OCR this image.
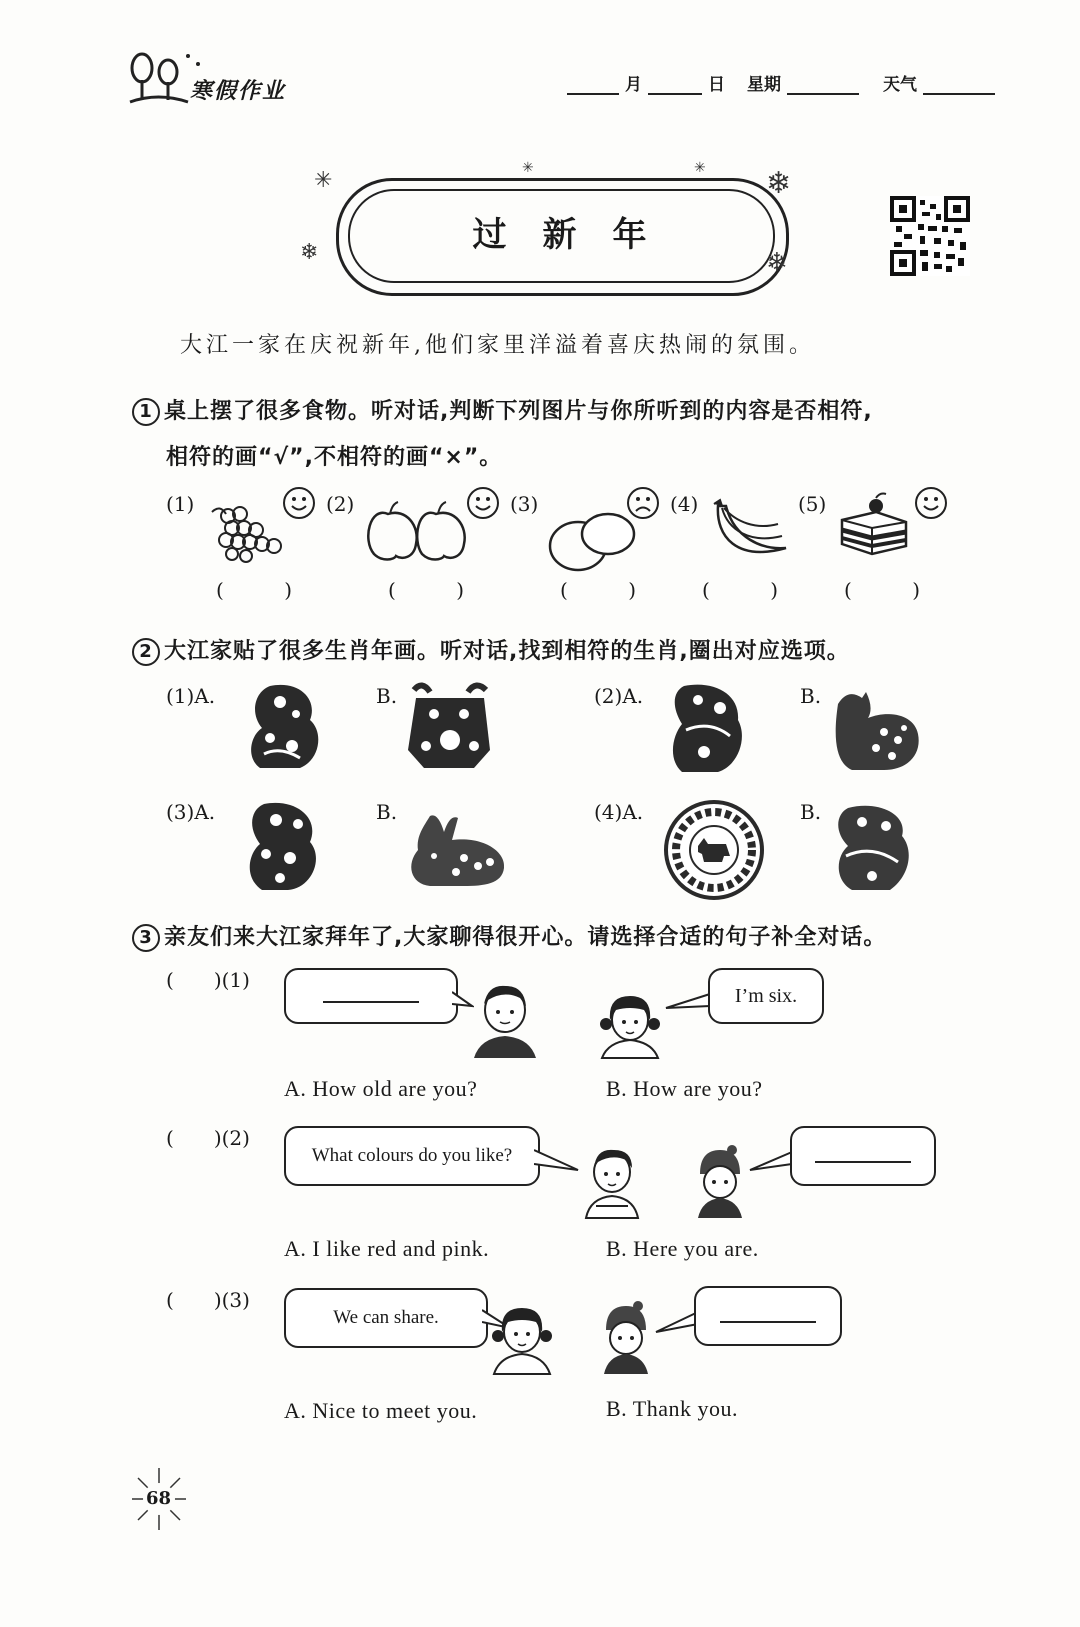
寒假作业	月	日 星期	天气
过新年
✳
❄
❄
❄
✳	✳
大江一家在庆祝新年,他们家里洋溢着喜庆热闹的氛围。
1 桌上摆了很多食物。听对话,判断下列图片与你所听到的内容是否相符,
相符的画“√”,不相符的画“×”。
(1)	(2)	(3)	(4)	(5)
(	)	(	)	(	)	(	)	(	)
2 大江家贴了很多生肖年画。听对话,找到相符的生肖,圈出对应选项。
(1)A.	B.	(2)A.	B.
(3)A.	B.	(4)A.	B.
3 亲友们来大江家拜年了,大家聊得很开心。请选择合适的句子补全对话。
( )(1)
I’m six.
A. How old are you?	B. How are you?
( )(2)
What colours do you like?
A. I like red and pink.	B. Here you are.
( )(3)
We can share.
A. Nice to meet you.	B. Thank you.
68
